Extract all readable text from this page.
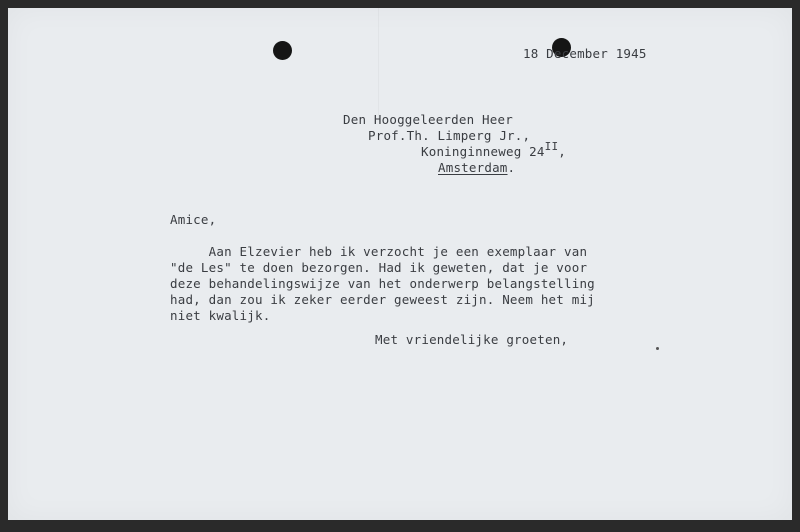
18 December 1945
Den Hooggeleerden Heer
Prof.Th. Limperg Jr.,
Koninginneweg 24II,
Amsterdam.
Amice,
Aan Elzevier heb ik verzocht je een exemplaar van
"de Les" te doen bezorgen. Had ik geweten, dat je voor
deze behandelingswijze van het onderwerp belangstelling
had, dan zou ik zeker eerder geweest zijn. Neem het mij
niet kwalijk.
Met vriendelijke groeten,
